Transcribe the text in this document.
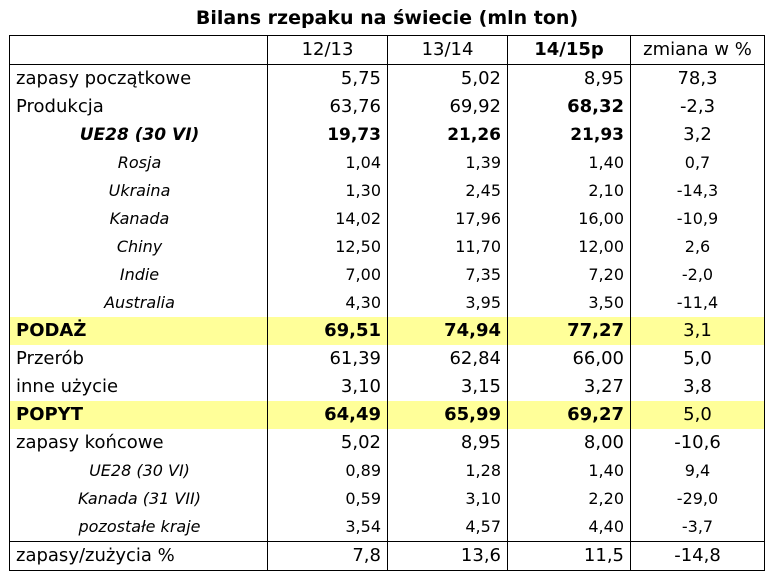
Bilans rzepaku na świecie (mln ton)
	12/13	13/14	14/15p	zmiana w %
zapasy początkowe	5,75	5,02	8,95	78,3
Produkcja	63,76	69,92	68,32	-2,3
UE28 (30 VI)	19,73	21,26	21,93	3,2
Rosja	1,04	1,39	1,40	0,7
Ukraina	1,30	2,45	2,10	-14,3
Kanada	14,02	17,96	16,00	-10,9
Chiny	12,50	11,70	12,00	2,6
Indie	7,00	7,35	7,20	-2,0
Australia	4,30	3,95	3,50	-11,4
PODAŻ	69,51	74,94	77,27	3,1
Przerób	61,39	62,84	66,00	5,0
inne użycie	3,10	3,15	3,27	3,8
POPYT	64,49	65,99	69,27	5,0
zapasy końcowe	5,02	8,95	8,00	-10,6
UE28 (30 VI)	0,89	1,28	1,40	9,4
Kanada (31 VII)	0,59	3,10	2,20	-29,0
pozostałe kraje	3,54	4,57	4,40	-3,7
zapasy/zużycia %	7,8	13,6	11,5	-14,8
